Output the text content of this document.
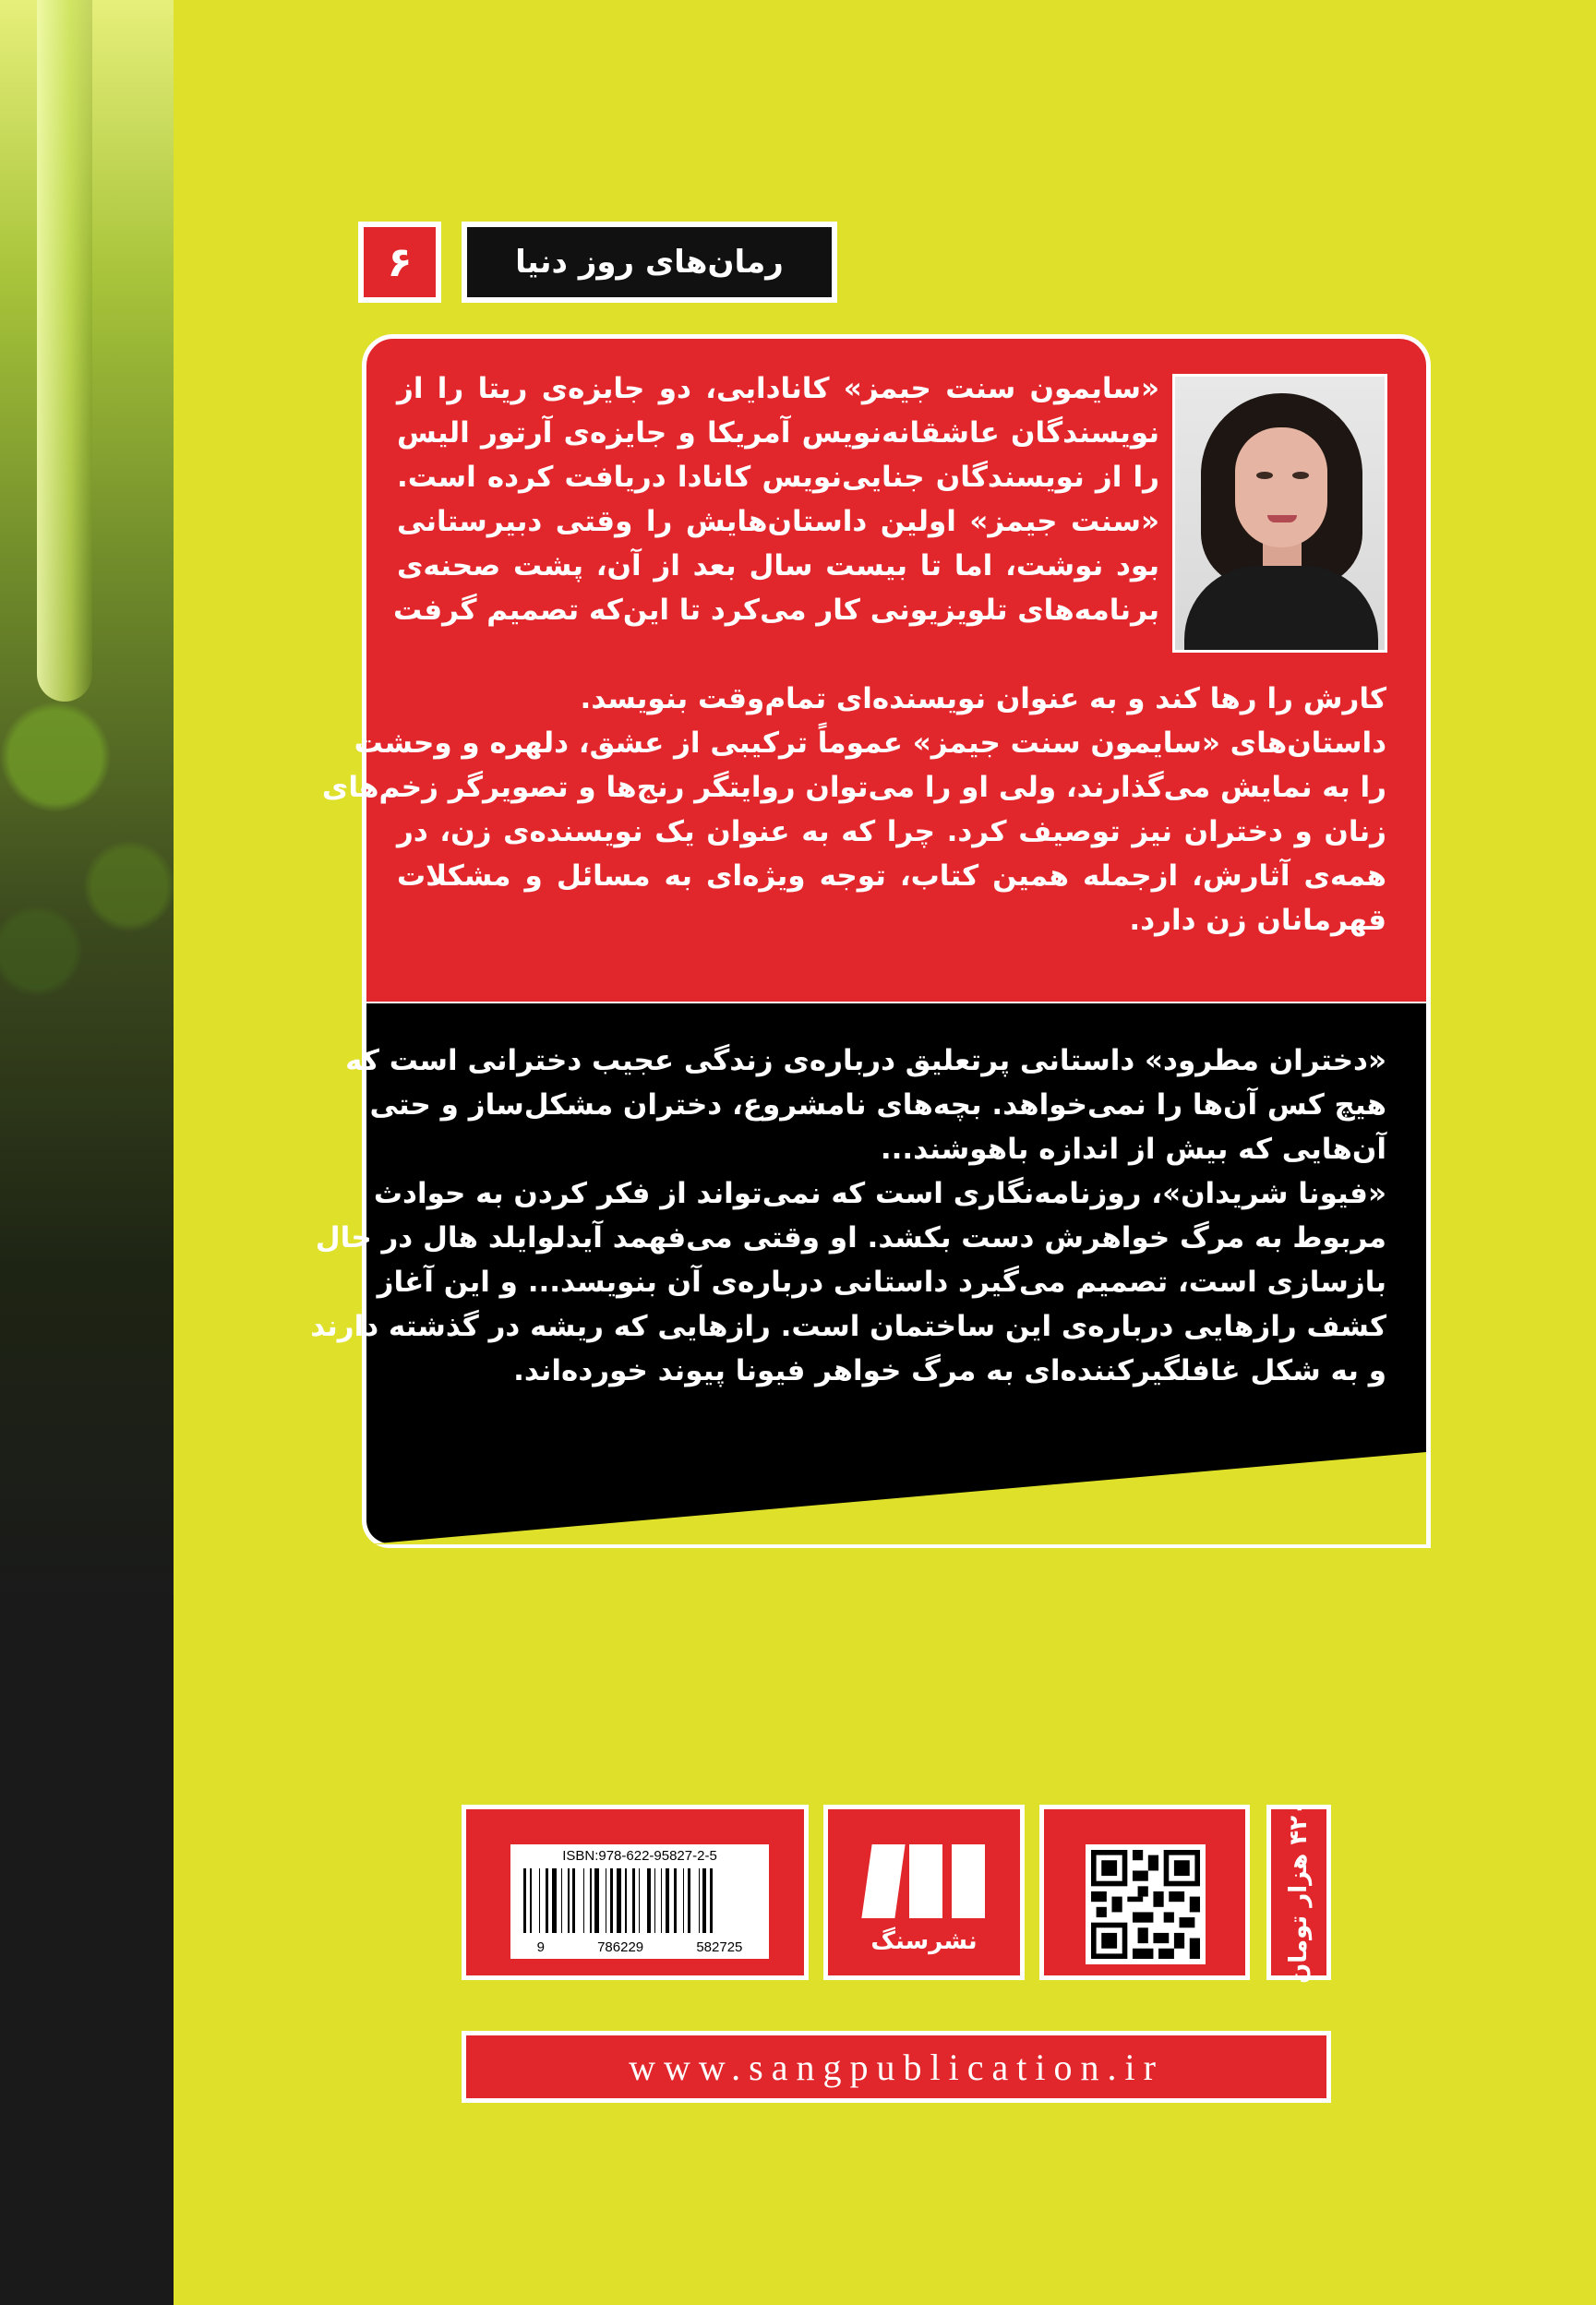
۶	رمان‌های روز دنیا
«سایمون سنت جیمز» کانادایی، دو جایزه‌ی ریتا را از
نویسندگان عاشقانه‌نویس آمریکا و جایزه‌ی آرتور الیس
را از نویسندگان جنایی‌نویس کانادا دریافت کرده است.
«سنت جیمز» اولین داستان‌هایش را وقتی دبیرستانی
بود نوشت، اما تا بیست سال بعد از آن، پشت صحنه‌ی
برنامه‌های تلویزیونی کار می‌کرد تا این‌که تصمیم گرفت
کارش را رها کند و به عنوان نویسنده‌ای تمام‌وقت بنویسد.
داستان‌های «سایمون سنت جیمز» عموماً ترکیبی از عشق، دلهره و وحشت
را به نمایش می‌گذارند، ولی او را می‌توان روایتگر رنج‌ها و تصویرگر زخم‌های
زنان و دختران نیز توصیف کرد. چرا که به عنوان یک نویسنده‌ی زن، در
همه‌ی آثارش، ازجمله همین کتاب، توجه ویژه‌ای به مسائل و مشکلات
قهرمانان زن دارد.
«دختران مطرود» داستانی پرتعلیق درباره‌ی زندگی عجیب دخترانی است که
هیچ کس آن‌ها را نمی‌خواهد. بچه‌های نامشروع، دختران مشکل‌ساز و حتی
آن‌هایی که بیش از اندازه باهوشند...
«فیونا شریدان»، روزنامه‌نگاری است که نمی‌تواند از فکر کردن به حوادث
مربوط به مرگ خواهرش دست بکشد. او وقتی می‌فهمد آیدلوایلد هال در حال
بازسازی است، تصمیم می‌گیرد داستانی درباره‌ی آن بنویسد... و این آغاز
کشف رازهایی درباره‌ی این ساختمان است. رازهایی که ریشه در گذشته دارند
و به شکل غافلگیرکننده‌ای به مرگ خواهر فیونا پیوند خورده‌اند.
ISBN:978-622-95827-2-5
9	786229	582725	نشرسنگ	۴۲۰ هزار تومان
www.sangpublication.ir
